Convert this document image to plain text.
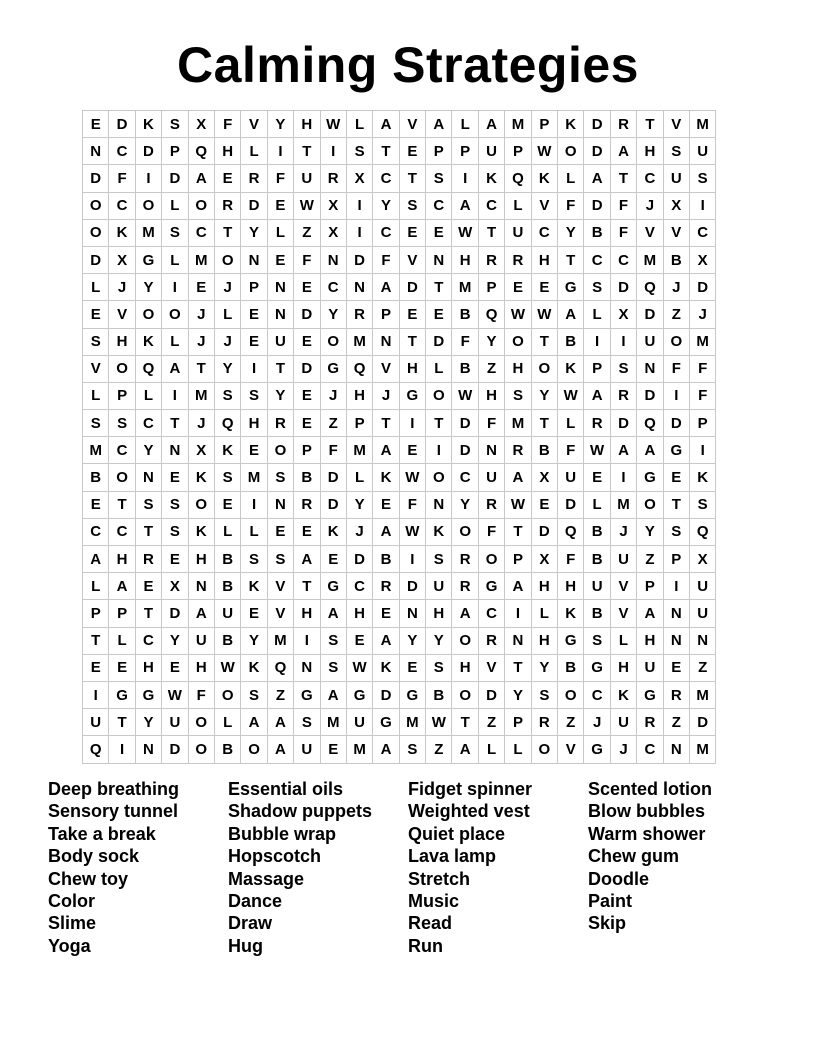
Calming Strategies
E	D	K	S	X	F	V	Y	H	W	L	A	V	A	L	A	M	P	K	D	R	T	V	M
N	C	D	P	Q	H	L	I	T	I	S	T	E	P	P	U	P	W	O	D	A	H	S	U
D	F	I	D	A	E	R	F	U	R	X	C	T	S	I	K	Q	K	L	A	T	C	U	S
O	C	O	L	O	R	D	E	W	X	I	Y	S	C	A	C	L	V	F	D	F	J	X	I
O	K	M	S	C	T	Y	L	Z	X	I	C	E	E	W	T	U	C	Y	B	F	V	V	C
D	X	G	L	M	O	N	E	F	N	D	F	V	N	H	R	R	H	T	C	C	M	B	X
L	J	Y	I	E	J	P	N	E	C	N	A	D	T	M	P	E	E	G	S	D	Q	J	D
E	V	O	O	J	L	E	N	D	Y	R	P	E	E	B	Q	W	W	A	L	X	D	Z	J
S	H	K	L	J	J	E	U	E	O	M	N	T	D	F	Y	O	T	B	I	I	U	O	M
V	O	Q	A	T	Y	I	T	D	G	Q	V	H	L	B	Z	H	O	K	P	S	N	F	F
L	P	L	I	M	S	S	Y	E	J	H	J	G	O	W	H	S	Y	W	A	R	D	I	F
S	S	C	T	J	Q	H	R	E	Z	P	T	I	T	D	F	M	T	L	R	D	Q	D	P
M	C	Y	N	X	K	E	O	P	F	M	A	E	I	D	N	R	B	F	W	A	A	G	I
B	O	N	E	K	S	M	S	B	D	L	K	W	O	C	U	A	X	U	E	I	G	E	K
E	T	S	S	O	E	I	N	R	D	Y	E	F	N	Y	R	W	E	D	L	M	O	T	S
C	C	T	S	K	L	L	E	E	K	J	A	W	K	O	F	T	D	Q	B	J	Y	S	Q
A	H	R	E	H	B	S	S	A	E	D	B	I	S	R	O	P	X	F	B	U	Z	P	X
L	A	E	X	N	B	K	V	T	G	C	R	D	U	R	G	A	H	H	U	V	P	I	U
P	P	T	D	A	U	E	V	H	A	H	E	N	H	A	C	I	L	K	B	V	A	N	U
T	L	C	Y	U	B	Y	M	I	S	E	A	Y	Y	O	R	N	H	G	S	L	H	N	N
E	E	H	E	H	W	K	Q	N	S	W	K	E	S	H	V	T	Y	B	G	H	U	E	Z
I	G	G	W	F	O	S	Z	G	A	G	D	G	B	O	D	Y	S	O	C	K	G	R	M
U	T	Y	U	O	L	A	A	S	M	U	G	M	W	T	Z	P	R	Z	J	U	R	Z	D
Q	I	N	D	O	B	O	A	U	E	M	A	S	Z	A	L	L	O	V	G	J	C	N	M
Deep breathing
Sensory tunnel
Take a break
Body sock
Chew toy
Color
Slime
Yoga
Essential oils
Shadow puppets
Bubble wrap
Hopscotch
Massage
Dance
Draw
Hug
Fidget spinner
Weighted vest
Quiet place
Lava lamp
Stretch
Music
Read
Run
Scented lotion
Blow bubbles
Warm shower
Chew gum
Doodle
Paint
Skip
